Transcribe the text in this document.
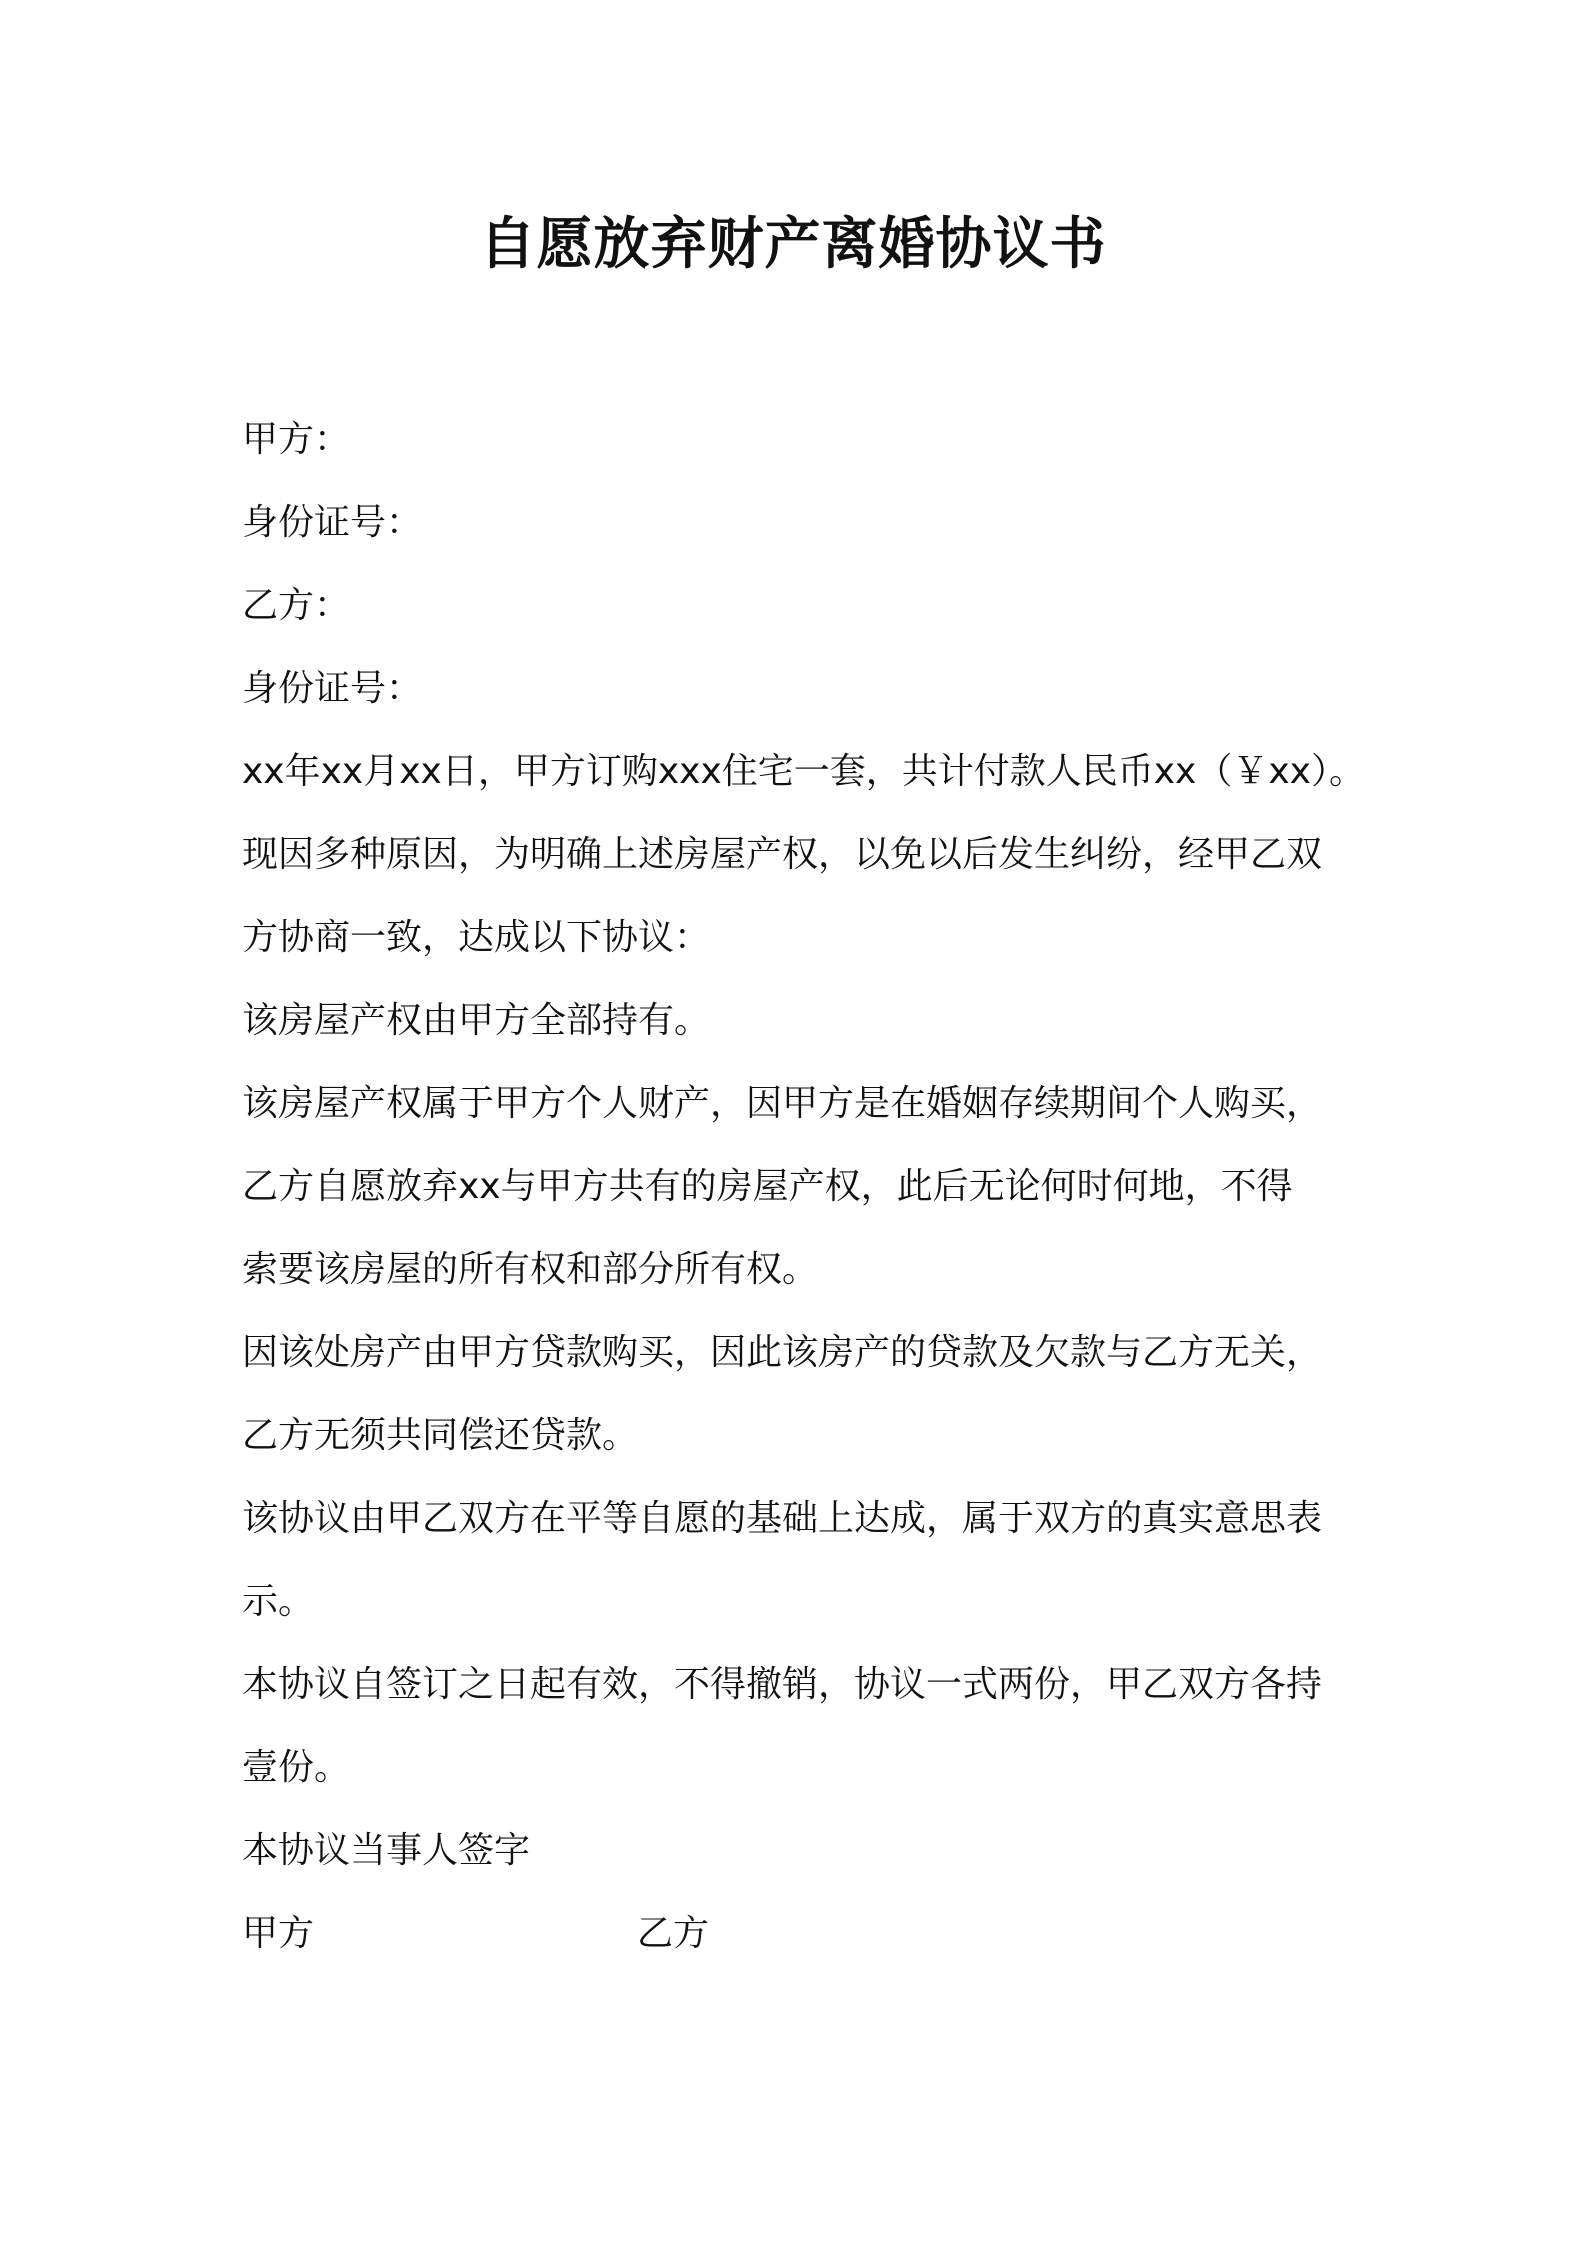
自愿放弃财产离婚协议书

甲方：

身份证号：

乙方：

身份证号：

xx年xx月xx日，甲方订购xxx住宅一套，共计付款人民币xx（￥xx）。

现因多种原因，为明确上述房屋产权，以免以后发生纠纷，经甲乙双

方协商一致，达成以下协议：

该房屋产权由甲方全部持有。

该房屋产权属于甲方个人财产，因甲方是在婚姻存续期间个人购买，

乙方自愿放弃xx与甲方共有的房屋产权，此后无论何时何地，不得

索要该房屋的所有权和部分所有权。

因该处房产由甲方贷款购买，因此该房产的贷款及欠款与乙方无关，

乙方无须共同偿还贷款。

该协议由甲乙双方在平等自愿的基础上达成，属于双方的真实意思表

示。

本协议自签订之日起有效，不得撤销，协议一式两份，甲乙双方各持

壹份。

本协议当事人签字

甲方	乙方
